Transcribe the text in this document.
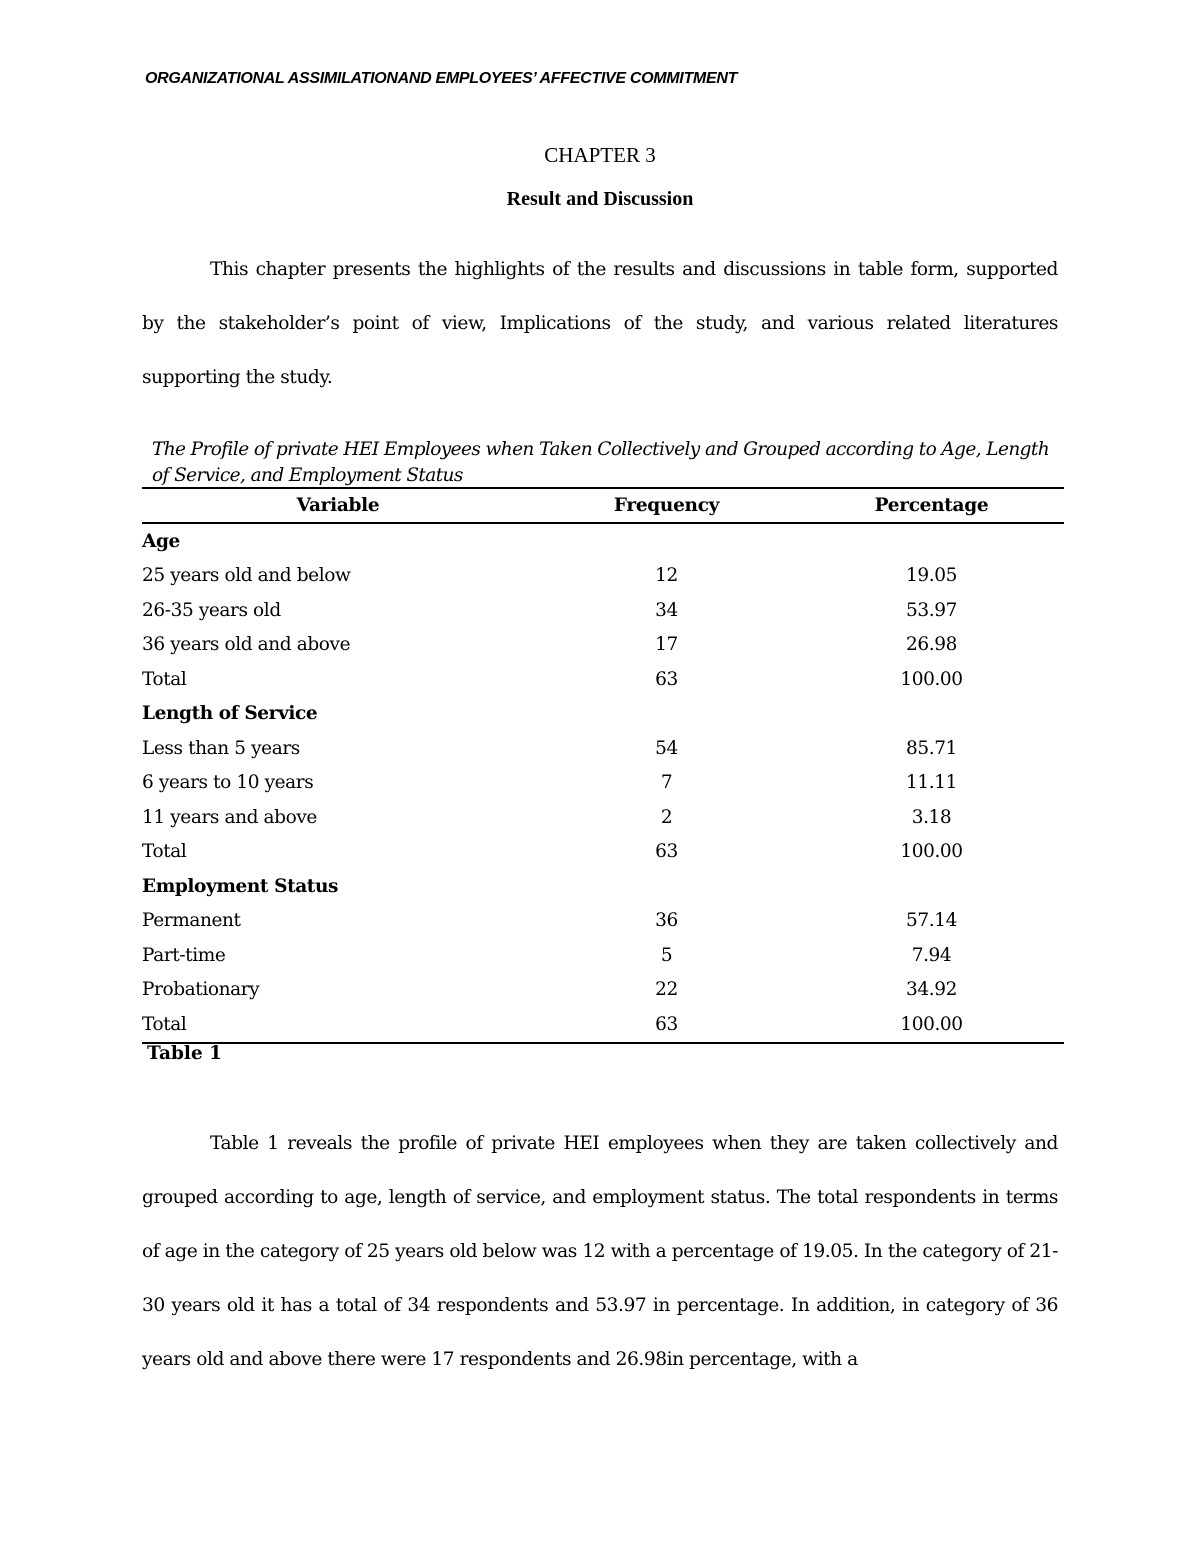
ORGANIZATIONAL ASSIMILATIONAND EMPLOYEES’ AFFECTIVE COMMITMENT
CHAPTER 3
Result and Discussion

This chapter presents the highlights of the results and discussions in table form, supported by the stakeholder’s point of view, Implications of the study, and various related literatures supporting the study.

The Profile of private HEI Employees when Taken Collectively and Grouped according to Age, Length of Service, and Employment Status
Variable	Frequency	Percentage
Age		
25 years old and below	12	19.05
26-35 years old	34	53.97
36 years old and above	17	26.98
Total	63	100.00
Length of Service		
Less than 5 years	54	85.71
6 years to 10 years	7	11.11
11 years and above	2	3.18
Total	63	100.00
Employment Status		
Permanent	36	57.14
Part-time	5	7.94
Probationary	22	34.92
Total	63	100.00
Table 1

Table 1 reveals the profile of private HEI employees when they are taken collectively and grouped according to age, length of service, and employment status. The total respondents in terms of age in the category of 25 years old below was 12 with a percentage of 19.05. In the category of 21-30 years old it has a total of 34 respondents and 53.97 in percentage. In addition, in category of 36 years old and above there were 17 respondents and 26.98in percentage, with a
